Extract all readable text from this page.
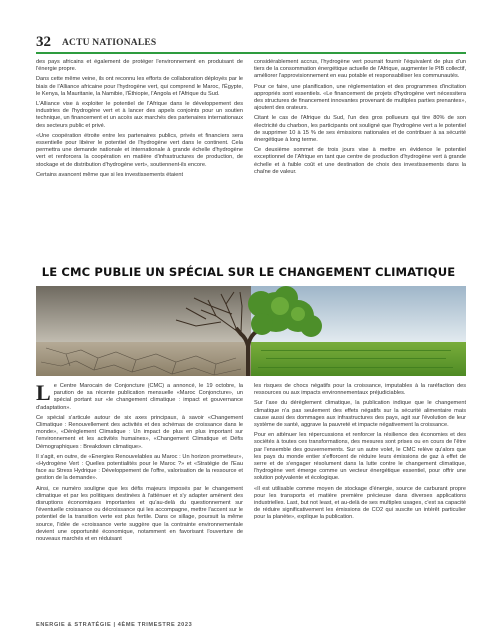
32 ACTU NATIONALES

des pays africains et également de protéger l'environnement en produisant de l'énergie propre.

Dans cette même veine, ils ont reconnu les efforts de collaboration déployés par le biais de l'Alliance africaine pour l'hydrogène vert, qui comprend le Maroc, l'Égypte, le Kenya, la Mauritanie, la Namibie, l'Éthiopie, l'Angola et l'Afrique du Sud.

L'Alliance vise à exploiter le potentiel de l'Afrique dans le développement des industries de l'hydrogène vert et à lancer des appels conjoints pour un soutien technique, un financement et un accès aux marchés des partenaires internationaux des secteurs public et privé.

«Une coopération étroite entre les partenaires publics, privés et financiers sera essentielle pour libérer le potentiel de l'hydrogène vert dans le continent. Cela permettra une demande nationale et internationale à grande échelle d'hydrogène vert et renforcera la coopération en matière d'infrastructures de production, de stockage et de distribution d'hydrogène vert», soutiennent-ils encore.

Certains avancent même que si les investissements étaient

considérablement accrus, l'hydrogène vert pourrait fournir l'équivalent de plus d'un tiers de la consommation énergétique actuelle de l'Afrique, augmenter le PIB collectif, améliorer l'approvisionnement en eau potable et responsabiliser les communautés.

Pour ce faire, une planification, une réglementation et des programmes d'incitation appropriés sont essentiels. «Le financement de projets d'hydrogène vert nécessitera des structures de financement innovantes provenant de multiples parties prenantes», ajoutent des orateurs.

Citant le cas de l'Afrique du Sud, l'un des gros pollueurs qui tire 80% de son électricité du charbon, les participants ont souligné que l'hydrogène vert a le potentiel de supprimer 10 à 15 % de ses émissions nationales et de contribuer à sa sécurité énergétique à long terme.

Ce deuxième sommet de trois jours vise à mettre en évidence le potentiel exceptionnel de l'Afrique en tant que centre de production d'hydrogène vert à grande échelle et à faible coût et une destination de choix des investissements dans la chaîne de valeur.

LE CMC PUBLIE UN SPÉCIAL SUR LE CHANGEMENT CLIMATIQUE

Le Centre Marocain de Conjoncture (CMC) a annoncé, le 19 octobre, la parution de sa récente publication mensuelle «Maroc Conjoncture», un spécial portant sur «le changement climatique : impact et gouvernance d'adaptation».

Ce spécial s'articule autour de six axes principaux, à savoir «Changement Climatique : Renouvellement des activités et des schémas de croissance dans le monde», «Dérèglement Climatique : Un impact de plus en plus important sur l'environnement et les activités humaines», «Changement Climatique et Défis Démographiques : Breakdown climatique».

Il s'agit, en outre, de «Energies Renouvelables au Maroc : Un horizon prometteur», «Hydrogène Vert : Quelles potentialités pour le Maroc ?» et «Stratégie de l'Eau face au Stress Hydrique : Développement de l'offre, valorisation de la ressource et gestion de la demande».

Ainsi, ce numéro souligne que les défis majeurs imposés par le changement climatique et par les politiques destinées à l'atténuer et s'y adapter amènent des disruptions économiques importantes et qu'au-delà du questionnement sur l'éventuelle croissance ou décroissance qui les accompagne, mettre l'accent sur le potentiel de la transition verte est plus fertile. Dans ce sillage, poursuit la même source, l'idée de «croissance verte suggère que la contrainte environnementale devient une opportunité économique, notamment en favorisant l'ouverture de nouveaux marchés et en réduisant

les risques de chocs négatifs pour la croissance, imputables à la raréfaction des ressources ou aux impacts environnementaux préjudiciables.

Sur l'axe du dérèglement climatique, la publication indique que le changement climatique n'a pas seulement des effets négatifs sur la sécurité alimentaire mais cause aussi des dommages aux infrastructures des pays, agit sur l'évolution de leur système de santé, aggrave la pauvreté et impacte négativement la croissance.

Pour en atténuer les répercussions et renforcer la résilience des économies et des sociétés à toutes ces transformations, des mesures sont prises ou en cours de l'être par l'ensemble des gouvernements. Sur un autre volet, le CMC relève qu'alors que les pays du monde entier s'efforcent de réduire leurs émissions de gaz à effet de serre et de s'engager résolument dans la lutte contre le changement climatique, l'hydrogène vert émerge comme un vecteur énergétique essentiel, pour offrir une solution polyvalente et écologique.

«Il est utilisable comme moyen de stockage d'énergie, source de carburant propre pour les transports et matière première précieuse dans diverses applications industrielles. Last, but not least, et au-delà de ses multiples usages, c'est sa capacité de réduire significativement les émissions de CO2 qui suscite un intérêt particulier pour la planète», explique la publication.

ENERGIE & STRATÉGIE | 4ÈME TRIMESTRE 2023
